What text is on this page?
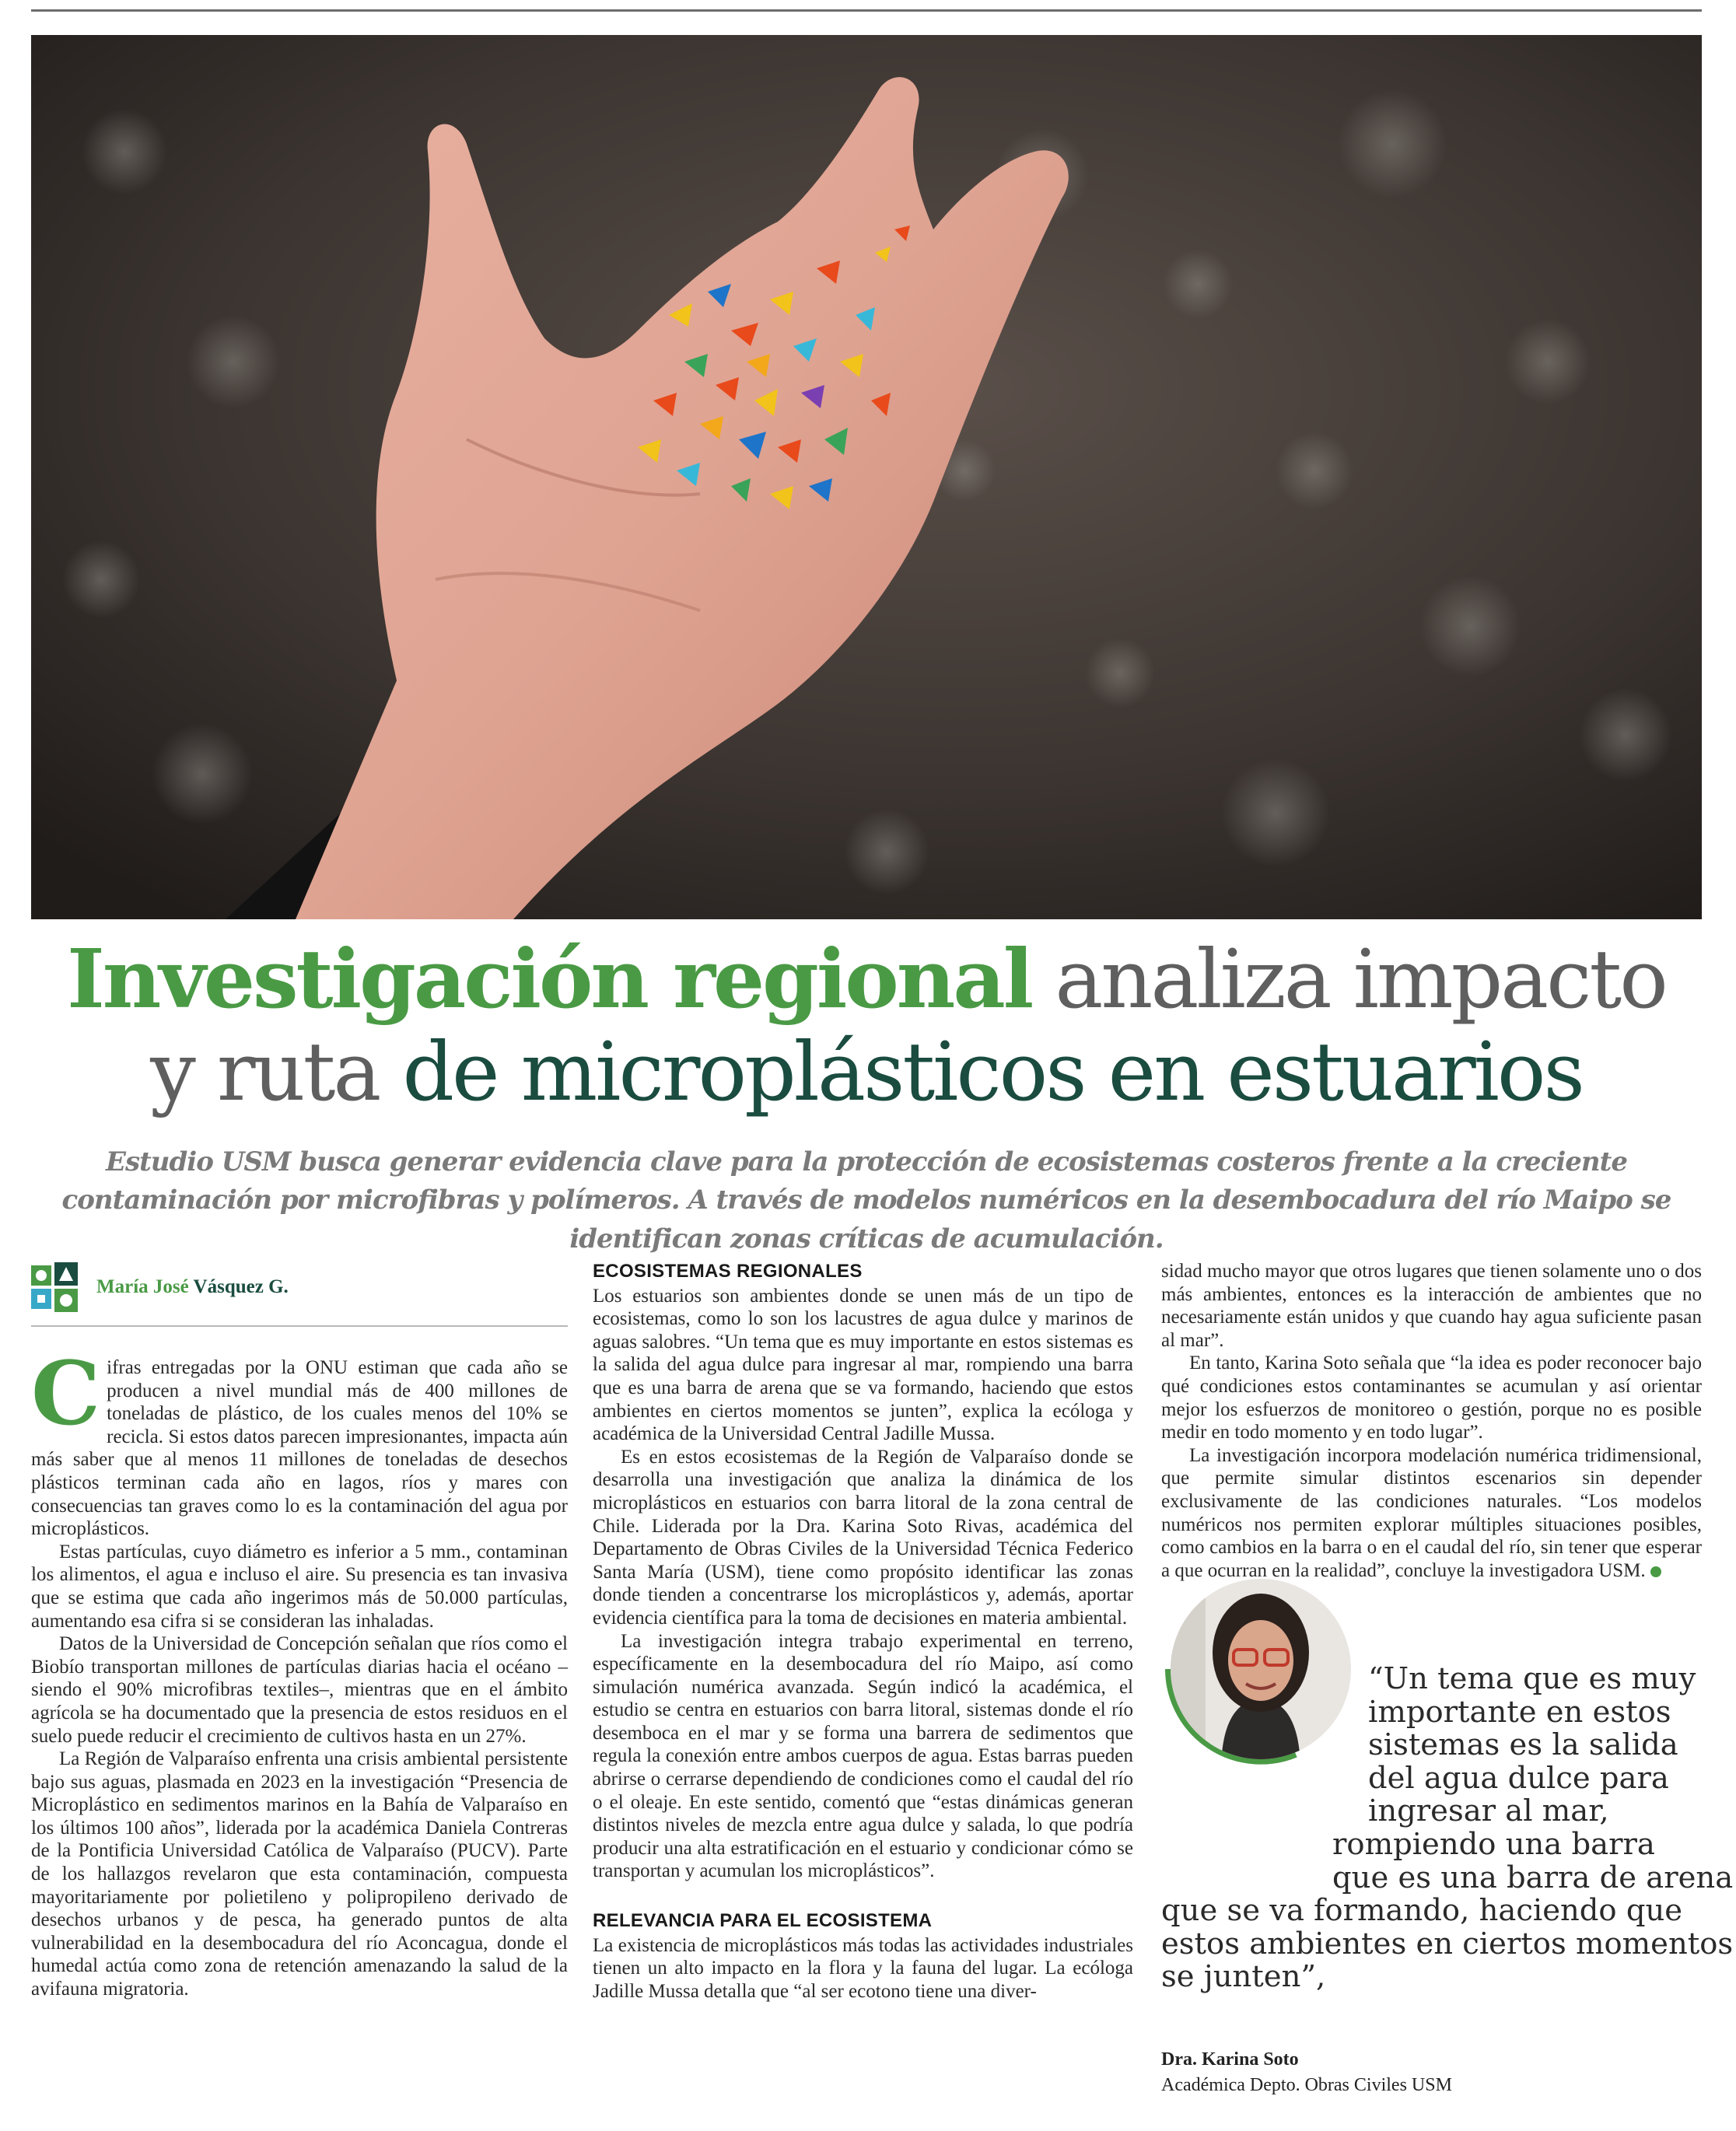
Investigación regional analiza impacto
y ruta de microplásticos en estuarios
Estudio USM busca generar evidencia clave para la protección de ecosistemas costeros frente a la creciente contaminación por microfibras y polímeros. A través de modelos numéricos en la desembocadura del río Maipo se identifican zonas críticas de acumulación.
María José Vásquez G.

Cifras entregadas por la ONU estiman que cada año se producen a nivel mundial más de 400 millones de toneladas de plástico, de los cuales menos del 10% se recicla. Si estos datos parecen impresionantes, impacta aún más saber que al menos 11 millones de toneladas de desechos plásticos terminan cada año en lagos, ríos y mares con consecuencias tan graves como lo es la contaminación del agua por microplásticos.

Estas partículas, cuyo diámetro es inferior a 5 mm., contaminan los alimentos, el agua e incluso el aire. Su presencia es tan invasiva que se estima que cada año ingerimos más de 50.000 partículas, aumentando esa cifra si se consideran las inhaladas.

Datos de la Universidad de Concepción señalan que ríos como el Biobío transportan millones de partículas diarias hacia el océano –siendo el 90% microfibras textiles–, mientras que en el ámbito agrícola se ha documentado que la presencia de estos residuos en el suelo puede reducir el crecimiento de cultivos hasta en un 27%.

La Región de Valparaíso enfrenta una crisis ambiental persistente bajo sus aguas, plasmada en 2023 en la investigación “Presencia de Microplástico en sedimentos marinos en la Bahía de Valparaíso en los últimos 100 años”, liderada por la académica Daniela Contreras de la Pontificia Universidad Católica de Valparaíso (PUCV). Parte de los hallazgos revelaron que esta contaminación, compuesta mayoritariamente por polietileno y polipropileno derivado de desechos urbanos y de pesca, ha generado puntos de alta vulnerabilidad en la desembocadura del río Aconcagua, donde el humedal actúa como zona de retención amenazando la salud de la avifauna migratoria.

ECOSISTEMAS REGIONALES

Los estuarios son ambientes donde se unen más de un tipo de ecosistemas, como lo son los lacustres de agua dulce y marinos de aguas salobres. “Un tema que es muy importante en estos sistemas es la salida del agua dulce para ingresar al mar, rompiendo una barra que es una barra de arena que se va formando, haciendo que estos ambientes en ciertos momentos se junten”, explica la ecóloga y académica de la Universidad Central Jadille Mussa.

Es en estos ecosistemas de la Región de Valparaíso donde se desarrolla una investigación que analiza la dinámica de los microplásticos en estuarios con barra litoral de la zona central de Chile. Liderada por la Dra. Karina Soto Rivas, académica del Departamento de Obras Civiles de la Universidad Técnica Federico Santa María (USM), tiene como propósito identificar las zonas donde tienden a concentrarse los microplásticos y, además, aportar evidencia científica para la toma de decisiones en materia ambiental.

La investigación integra trabajo experimental en terreno, específicamente en la desembocadura del río Maipo, así como simulación numérica avanzada. Según indicó la académica, el estudio se centra en estuarios con barra litoral, sistemas donde el río desemboca en el mar y se forma una barrera de sedimentos que regula la conexión entre ambos cuerpos de agua. Estas barras pueden abrirse o cerrarse dependiendo de condiciones como el caudal del río o el oleaje. En este sentido, comentó que “estas dinámicas generan distintos niveles de mezcla entre agua dulce y salada, lo que podría producir una alta estratificación en el estuario y condicionar cómo se transportan y acumulan los microplásticos”.

RELEVANCIA PARA EL ECOSISTEMA

La existencia de microplásticos más todas las actividades industriales tienen un alto impacto en la flora y la fauna del lugar. La ecóloga Jadille Mussa detalla que “al ser ecotono tiene una diver-

sidad mucho mayor que otros lugares que tienen solamente uno o dos más ambientes, entonces es la interacción de ambientes que no necesariamente están unidos y que cuando hay agua suficiente pasan al mar”.

En tanto, Karina Soto señala que “la idea es poder reconocer bajo qué condiciones estos contaminantes se acumulan y así orientar mejor los esfuerzos de monitoreo o gestión, porque no es posible medir en todo momento y en todo lugar”.

La investigación incorpora modelación numérica tridimensional, que permite simular distintos escenarios sin depender exclusivamente de las condiciones naturales. “Los modelos numéricos nos permiten explorar múltiples situaciones posibles, como cambios en la barra o en el caudal del río, sin tener que esperar a que ocurran en la realidad”, concluye la investigadora USM.

“Un tema que es muy
importante en estos
sistemas es la salida
del agua dulce para
ingresar al mar,
rompiendo una barra
que es una barra de arena
que se va formando, haciendo que
estos ambientes en ciertos momentos
se junten”,
Dra. Karina Soto
Académica Depto. Obras Civiles USM
